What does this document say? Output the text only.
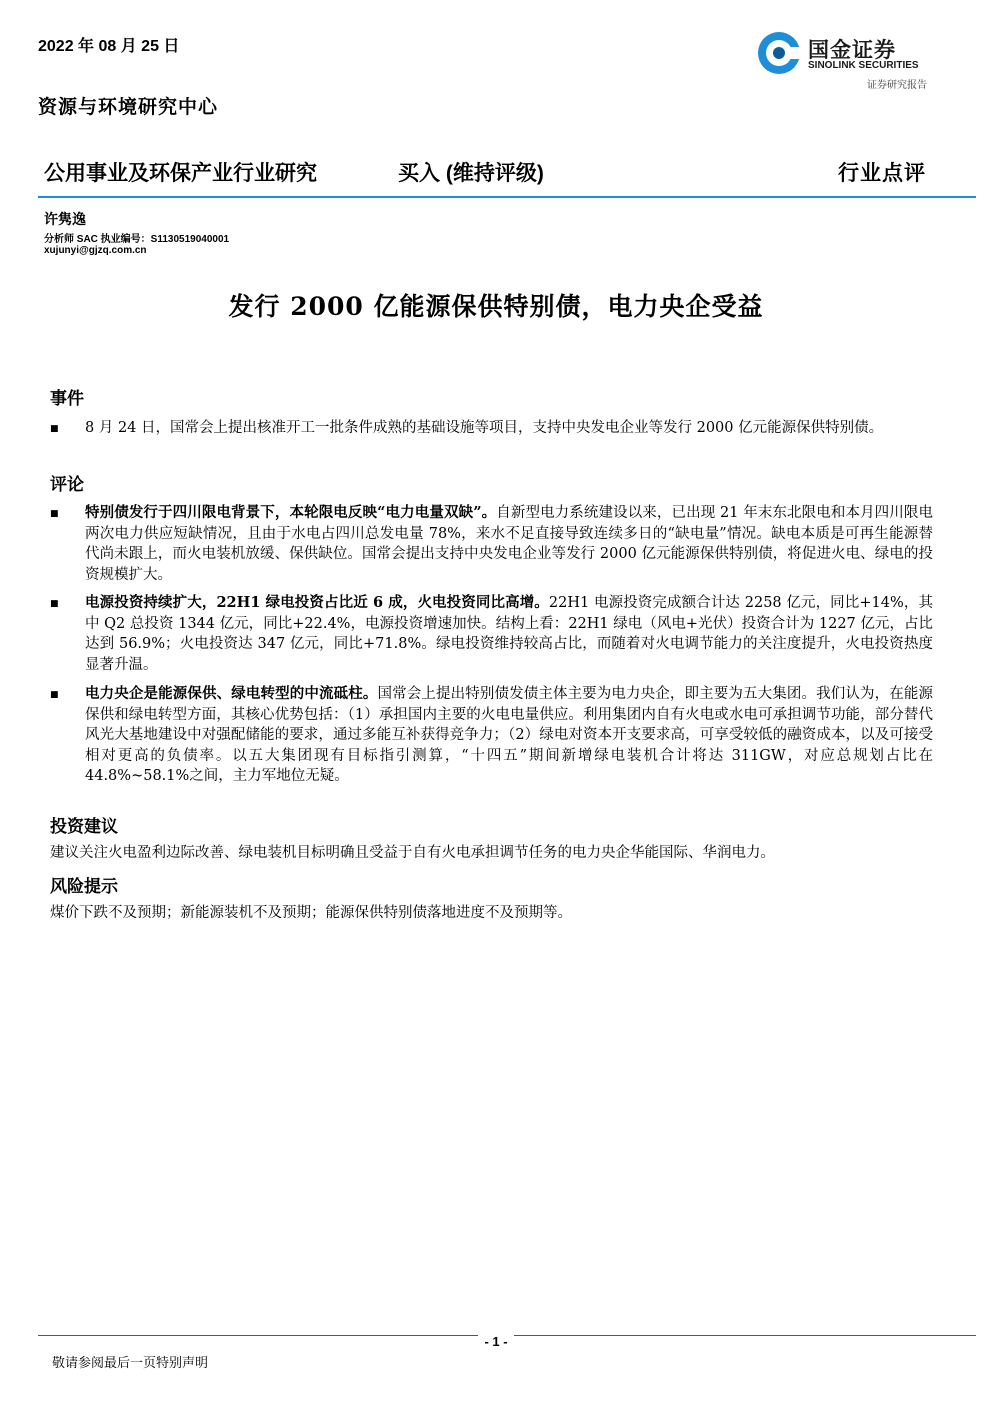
2022 年 08 月 25 日	国金证券
SINOLINK SECURITIES
证券研究报告
资源与环境研究中心
公用事业及环保产业行业研究	买入 (维持评级)	行业点评
许隽逸
分析师 SAC 执业编号：S1130519040001
xujunyi@gjzq.com.cn
发行 2000 亿能源保供特别债，电力央企受益
事件
■ 8 月 24 日，国常会上提出核准开工一批条件成熟的基础设施等项目，支持中央发电企业等发行 2000 亿元能源保供特别债。
评论
■ 特别债发行于四川限电背景下，本轮限电反映“电力电量双缺”。自新型电力系统建设以来，已出现 21 年末东北限电和本月四川限电两次电力供应短缺情况，且由于水电占四川总发电量 78%，来水不足直接导致连续多日的“缺电量”情况。缺电本质是可再生能源替代尚未跟上，而火电装机放缓、保供缺位。国常会提出支持中央发电企业等发行 2000 亿元能源保供特别债，将促进火电、绿电的投资规模扩大。
■ 电源投资持续扩大，22H1 绿电投资占比近 6 成，火电投资同比高增。22H1 电源投资完成额合计达 2258 亿元，同比+14%，其中 Q2 总投资 1344 亿元，同比+22.4%，电源投资增速加快。结构上看：22H1 绿电（风电+光伏）投资合计为 1227 亿元，占比达到 56.9%；火电投资达 347 亿元，同比+71.8%。绿电投资维持较高占比，而随着对火电调节能力的关注度提升，火电投资热度显著升温。
■ 电力央企是能源保供、绿电转型的中流砥柱。国常会上提出特别债发债主体主要为电力央企，即主要为五大集团。我们认为，在能源保供和绿电转型方面，其核心优势包括：（1）承担国内主要的火电电量供应。利用集团内自有火电或水电可承担调节功能，部分替代风光大基地建设中对强配储能的要求，通过多能互补获得竞争力；（2）绿电对资本开支要求高，可享受较低的融资成本，以及可接受相对更高的负债率。以五大集团现有目标指引测算，“十四五”期间新增绿电装机合计将达 311GW，对应总规划占比在 44.8%~58.1%之间，主力军地位无疑。
投资建议
建议关注火电盈利边际改善、绿电装机目标明确且受益于自有火电承担调节任务的电力央企华能国际、华润电力。
风险提示
煤价下跌不及预期；新能源装机不及预期；能源保供特别债落地进度不及预期等。
- 1 -
敬请参阅最后一页特别声明
